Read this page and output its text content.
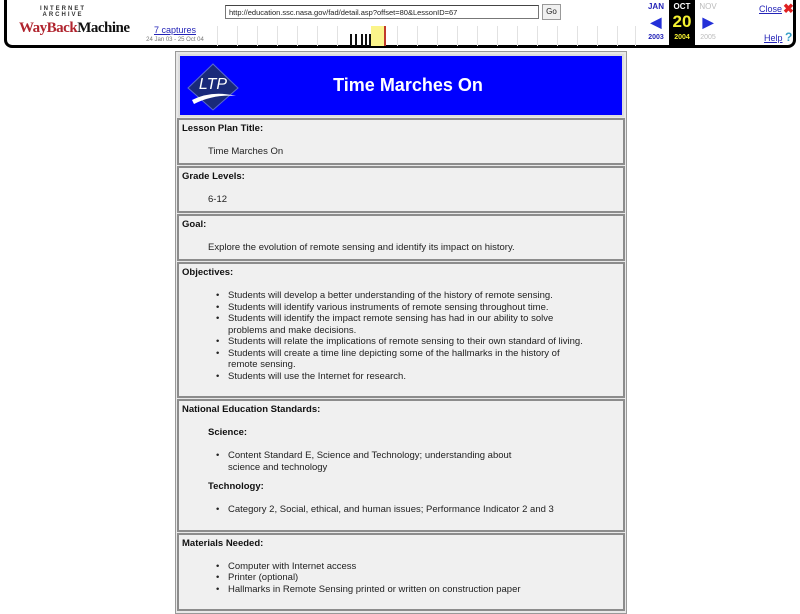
INTERNET ARCHIVE
WayBackMachine
http://education.ssc.nasa.gov/fad/detail.asp?offset=80&LessonID=67	Go
7 captures
24 Jan 03 - 25 Oct 04
JAN
◀
2003
OCT
20
2004
NOV
▶
2005
Close ✖
Help ?
LTP	Time Marches On
Lesson Plan Title:
Time Marches On
Grade Levels:
6-12
Goal:
Explore the evolution of remote sensing and identify its impact on history.
Objectives:
• Students will develop a better understanding of the history of remote sensing.
• Students will identify various instruments of remote sensing throughout time.
• Students will identify the impact remote sensing has had in our ability to solve problems and make decisions.
• Students will relate the implications of remote sensing to their own standard of living.
• Students will create a time line depicting some of the hallmarks in the history of remote sensing.
• Students will use the Internet for research.
National Education Standards:
Science:
• Content Standard E, Science and Technology; understanding about science and technology
Technology:
• Category 2, Social, ethical, and human issues; Performance Indicator 2 and 3
Materials Needed:
• Computer with Internet access
• Printer (optional)
• Hallmarks in Remote Sensing printed or written on construction paper
